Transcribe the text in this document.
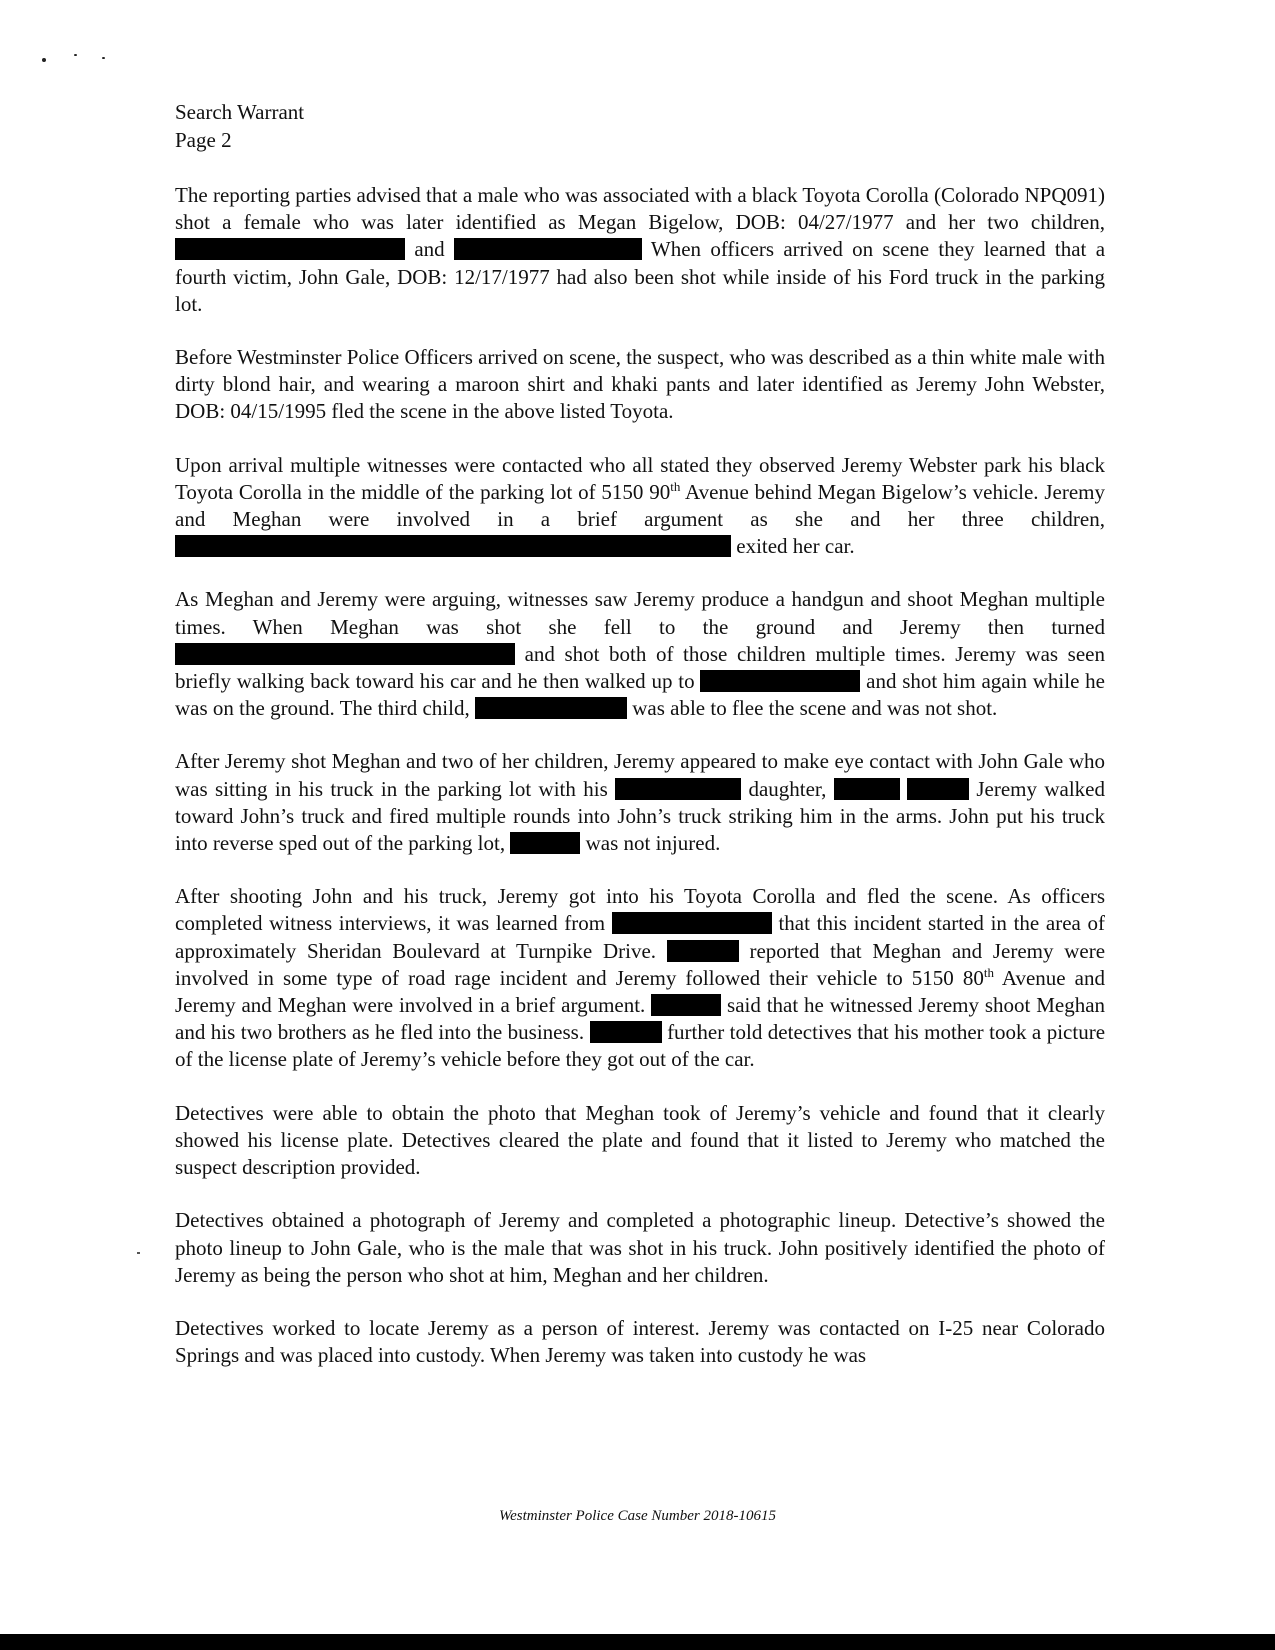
Search Warrant
Page 2

The reporting parties advised that a male who was associated with a black Toyota Corolla (Colorado NPQ091) shot a female who was later identified as Megan Bigelow, DOB: 04/27/1977 and her two children,  and	When officers arrived on scene they learned that a fourth victim, John Gale, DOB: 12/17/1977 had also been shot while inside of his Ford truck in the parking lot.

Before Westminster Police Officers arrived on scene, the suspect, who was described as a thin white male with dirty blond hair, and wearing a maroon shirt and khaki pants and later identified as Jeremy John Webster, DOB: 04/15/1995 fled the scene in the above listed Toyota.

Upon arrival multiple witnesses were contacted who all stated they observed Jeremy Webster park his black Toyota Corolla in the middle of the parking lot of 5150 90th Avenue behind Megan Bigelow’s vehicle. Jeremy and Meghan were involved in a brief argument as she and her three children,  exited her car.

As Meghan and Jeremy were arguing, witnesses saw Jeremy produce a handgun and shoot Meghan multiple times. When Meghan was shot she fell to the ground and Jeremy then turned  and shot both of those children multiple times. Jeremy was seen briefly walking back toward his car and he then walked up to	and shot him again while he was on the ground. The third child,	was able to flee the scene and was not shot.

After Jeremy shot Meghan and two of her children, Jeremy appeared to make eye contact with John Gale who was sitting in his truck in the parking lot with his	daughter,	Jeremy walked toward John’s truck and fired multiple rounds into John’s truck striking him in the arms. John put his truck into reverse sped out of the parking lot,	was not injured.

After shooting John and his truck, Jeremy got into his Toyota Corolla and fled the scene. As officers completed witness interviews, it was learned from	that this incident started in the area of approximately Sheridan Boulevard at Turnpike Drive.	reported that Meghan and Jeremy were involved in some type of road rage incident and Jeremy followed their vehicle to 5150 80th Avenue and Jeremy and Meghan were involved in a brief argument.	said that he witnessed Jeremy shoot Meghan and his two brothers as he fled into the business.	further told detectives that his mother took a picture of the license plate of Jeremy’s vehicle before they got out of the car.

Detectives were able to obtain the photo that Meghan took of Jeremy’s vehicle and found that it clearly showed his license plate. Detectives cleared the plate and found that it listed to Jeremy who matched the suspect description provided.

Detectives obtained a photograph of Jeremy and completed a photographic lineup. Detective’s showed the photo lineup to John Gale, who is the male that was shot in his truck. John positively identified the photo of Jeremy as being the person who shot at him, Meghan and her children.

Detectives worked to locate Jeremy as a person of interest. Jeremy was contacted on I-25 near Colorado Springs and was placed into custody. When Jeremy was taken into custody he was

Westminster Police Case Number 2018-10615
